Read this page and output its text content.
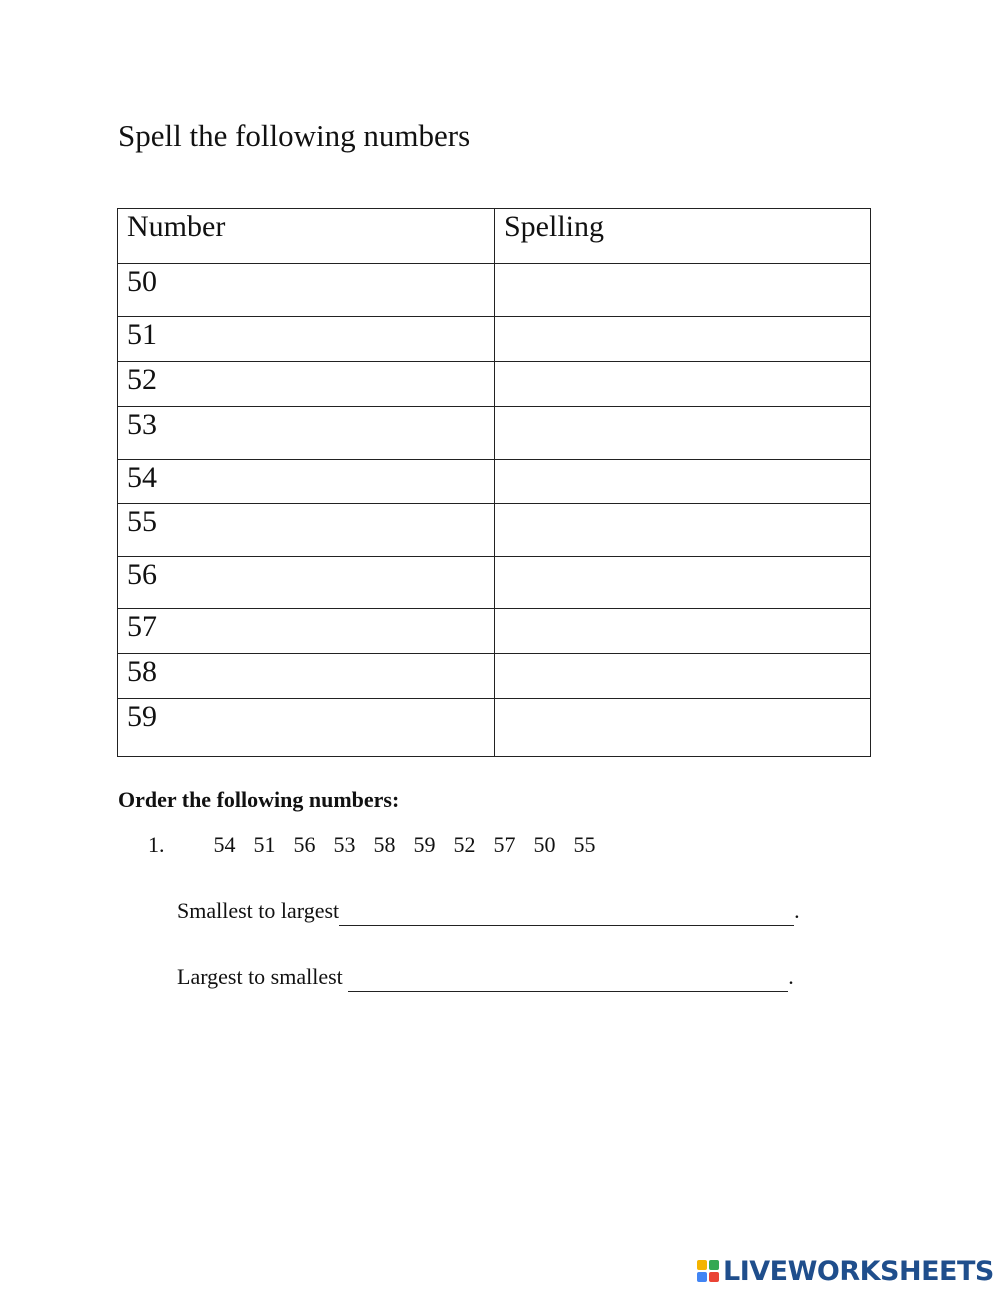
Spell the following numbers
Number	Spelling
50	
51	
52	
53	
54	
55	
56	
57	
58	
59	
Order the following numbers:
1. 54 51 56 53 58 59 52 57 50 55
Smallest to largest	.
Largest to smallest	.
LIVEWORKSHEETS
